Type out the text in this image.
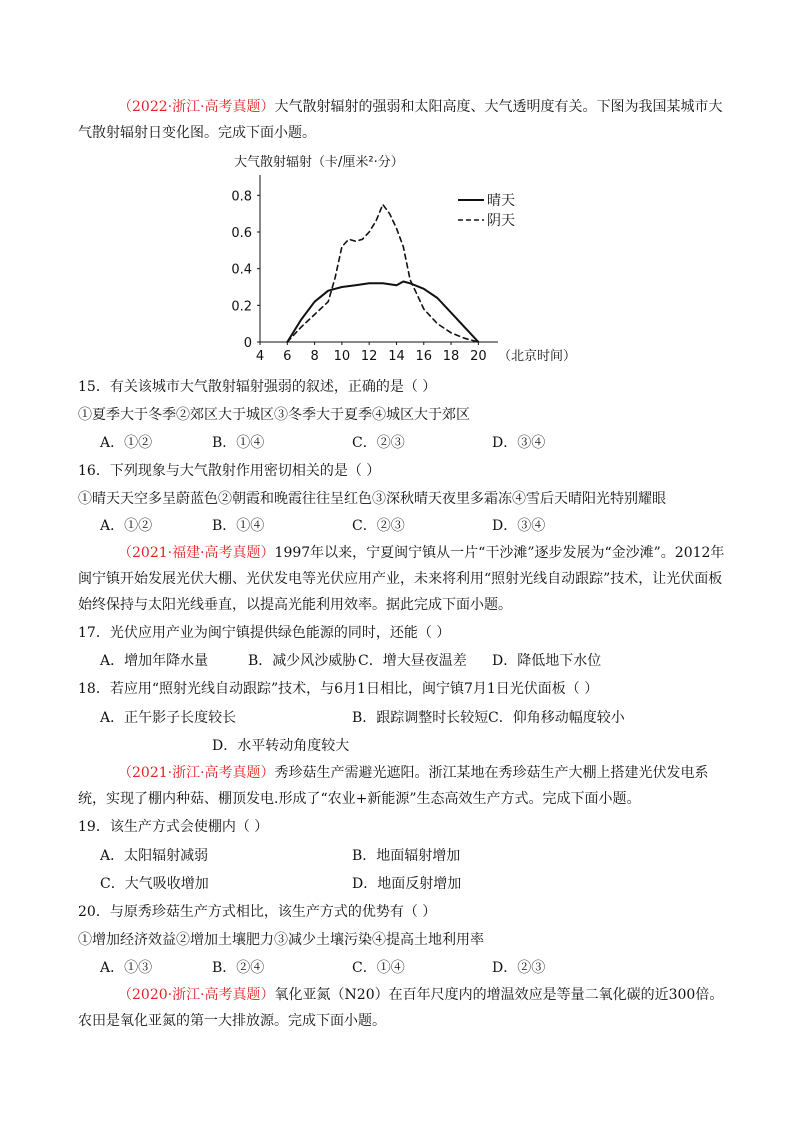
（2022·浙江·高考真题）大气散射辐射的强弱和太阳高度、大气透明度有关。下图为我国某城市大气散射辐射日变化图。完成下面小题。

大气散射辐射（卡/厘米²·分）
4 6 8 10 12 14 16 18 20
0
0.2
0.4
0.6
0.8	晴天
阴天
（北京时间）
15．有关该城市大气散射辐射强弱的叙述，正确的是（ ）
①夏季大于冬季②郊区大于城区③冬季大于夏季④城区大于郊区
A．①②	B．①④	C．②③	D．③④
16．下列现象与大气散射作用密切相关的是（ ）
①晴天天空多呈蔚蓝色②朝霞和晚霞往往呈红色③深秋晴天夜里多霜冻④雪后天晴阳光特别耀眼
A．①②	B．①④	C．②③	D．③④

（2021·福建·高考真题）1997年以来，宁夏闽宁镇从一片“干沙滩”逐步发展为“金沙滩”。2012年闽宁镇开始发展光伏大棚、光伏发电等光伏应用产业，未来将利用“照射光线自动跟踪”技术，让光伏面板始终保持与太阳光线垂直，以提高光能利用效率。据此完成下面小题。

17．光伏应用产业为闽宁镇提供绿色能源的同时，还能（ ）
A．增加年降水量	B．减少风沙威胁 C．增大昼夜温差 D．降低地下水位
18．若应用“照射光线自动跟踪”技术，与6月1日相比，闽宁镇7月1日光伏面板（ ）
A．正午影子长度较长	B．跟踪调整时长较短 C．仰角移动幅度较小
D．水平转动角度较大

（2021·浙江·高考真题）秀珍菇生产需避光遮阳。浙江某地在秀珍菇生产大棚上搭建光伏发电系统，实现了棚内种菇、棚顶发电.形成了“农业+新能源”生态高效生产方式。完成下面小题。

19．该生产方式会使棚内（ ）
A．太阳辐射减弱	B．地面辐射增加
C．大气吸收增加	D．地面反射增加
20．与原秀珍菇生产方式相比，该生产方式的优势有（ ）
①增加经济效益②增加土壤肥力③减少土壤污染④提高土地利用率
A．①③	B．②④	C．①④	D．②③

（2020·浙江·高考真题）氧化亚氮（N20）在百年尺度内的增温效应是等量二氧化碳的近300倍。农田是氧化亚氮的第一大排放源。完成下面小题。
